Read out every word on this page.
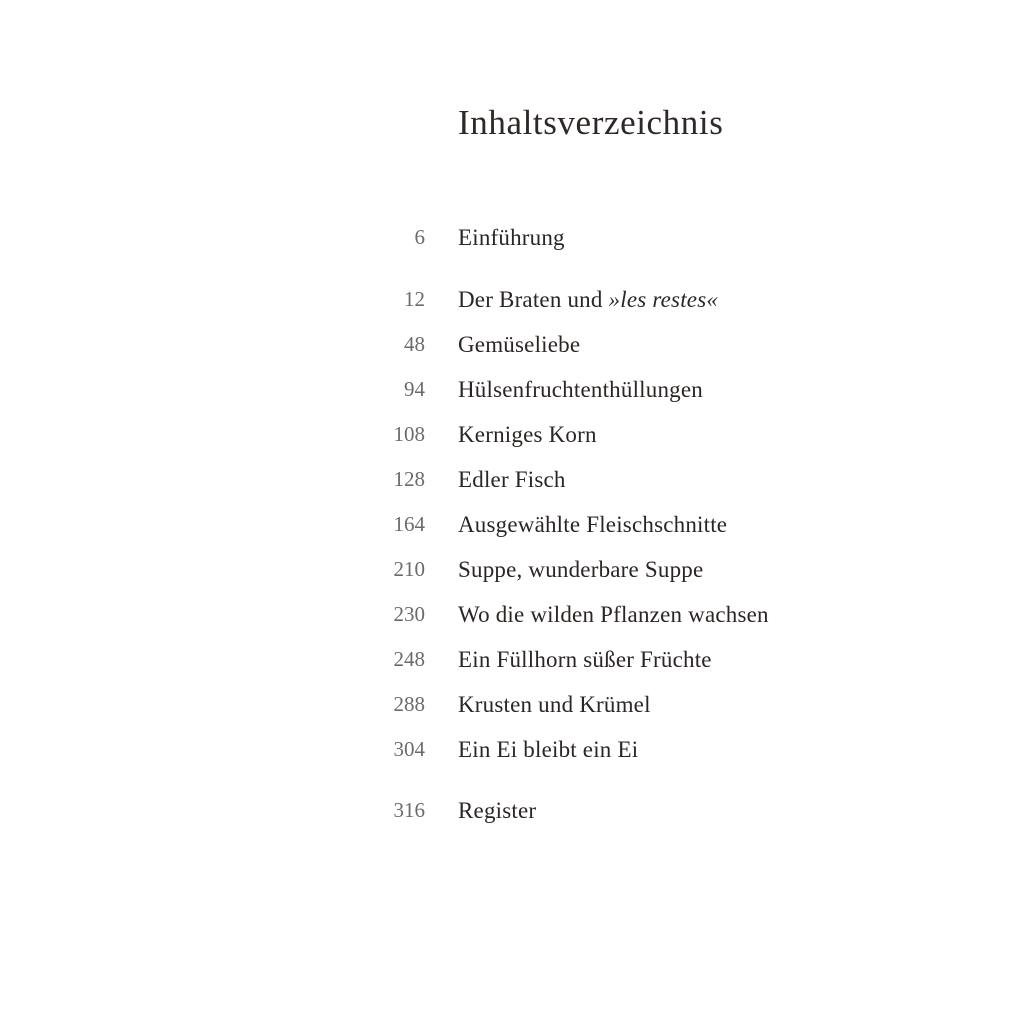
Inhaltsverzeichnis
6 Einführung
12 Der Braten und »les restes«
48 Gemüseliebe
94 Hülsenfruchtenthüllungen
108 Kerniges Korn
128 Edler Fisch
164 Ausgewählte Fleischschnitte
210 Suppe, wunderbare Suppe
230 Wo die wilden Pflanzen wachsen
248 Ein Füllhorn süßer Früchte
288 Krusten und Krümel
304 Ein Ei bleibt ein Ei
316 Register
